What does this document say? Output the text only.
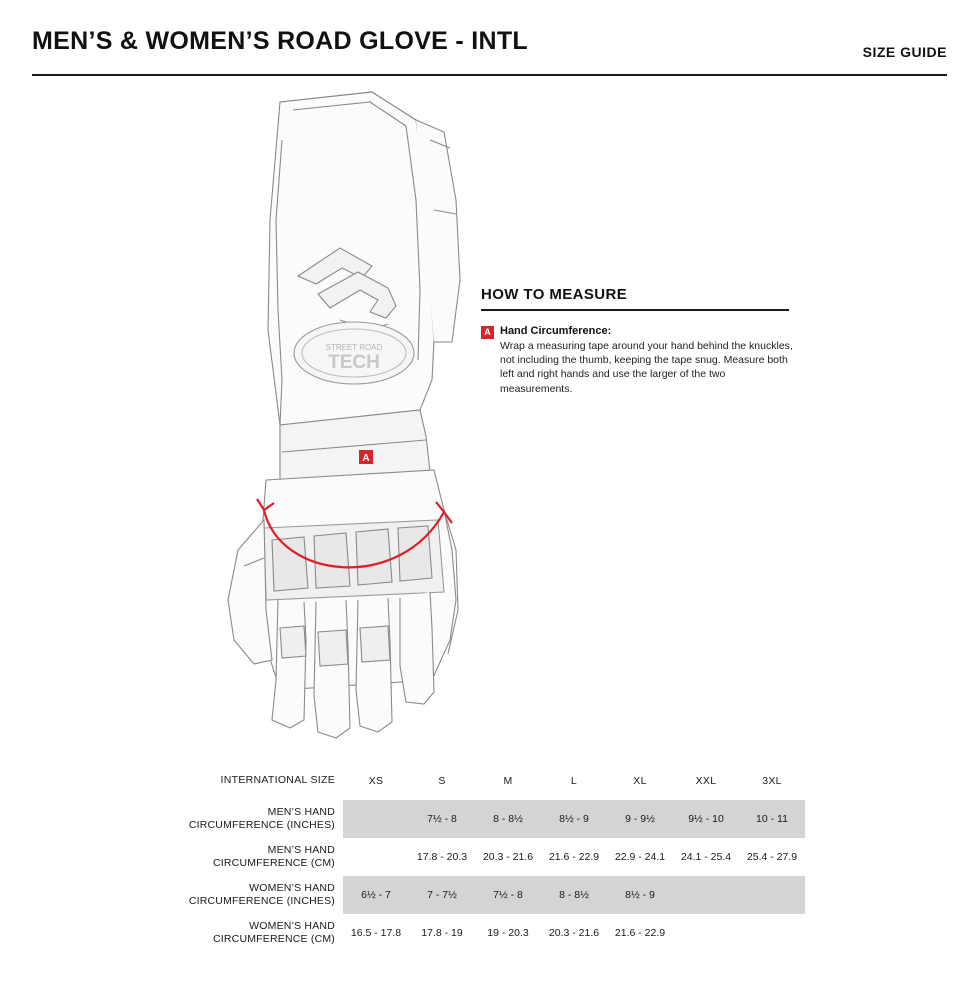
MEN’S & WOMEN’S ROAD GLOVE - INTL	SIZE GUIDE
A
STREET ROAD
TECH
HOW TO MEASURE
A Hand Circumference:
Wrap a measuring tape around your hand behind the knuckles, not including the thumb, keeping the tape snug. Measure both left and right hands and use the larger of the two measurements.
INTERNATIONAL SIZE	XS	S	M	L	XL	XXL	3XL

MEN’S HAND
CIRCUMFERENCE (INCHES)		7½ - 8	8 - 8½	8½ - 9	9 - 9½	9½ - 10	10 - 11

MEN’S HAND
CIRCUMFERENCE (CM)		17.8 - 20.3	20.3 - 21.6	21.6 - 22.9	22.9 - 24.1	24.1 - 25.4	25.4 - 27.9

WOMEN’S HAND
CIRCUMFERENCE (INCHES)	6½ - 7	7 - 7½	7½ - 8	8 - 8½	8½ - 9		

WOMEN’S HAND
CIRCUMFERENCE (CM)	16.5 - 17.8	17.8 - 19	19 - 20.3	20.3 - 21.6	21.6 - 22.9		
